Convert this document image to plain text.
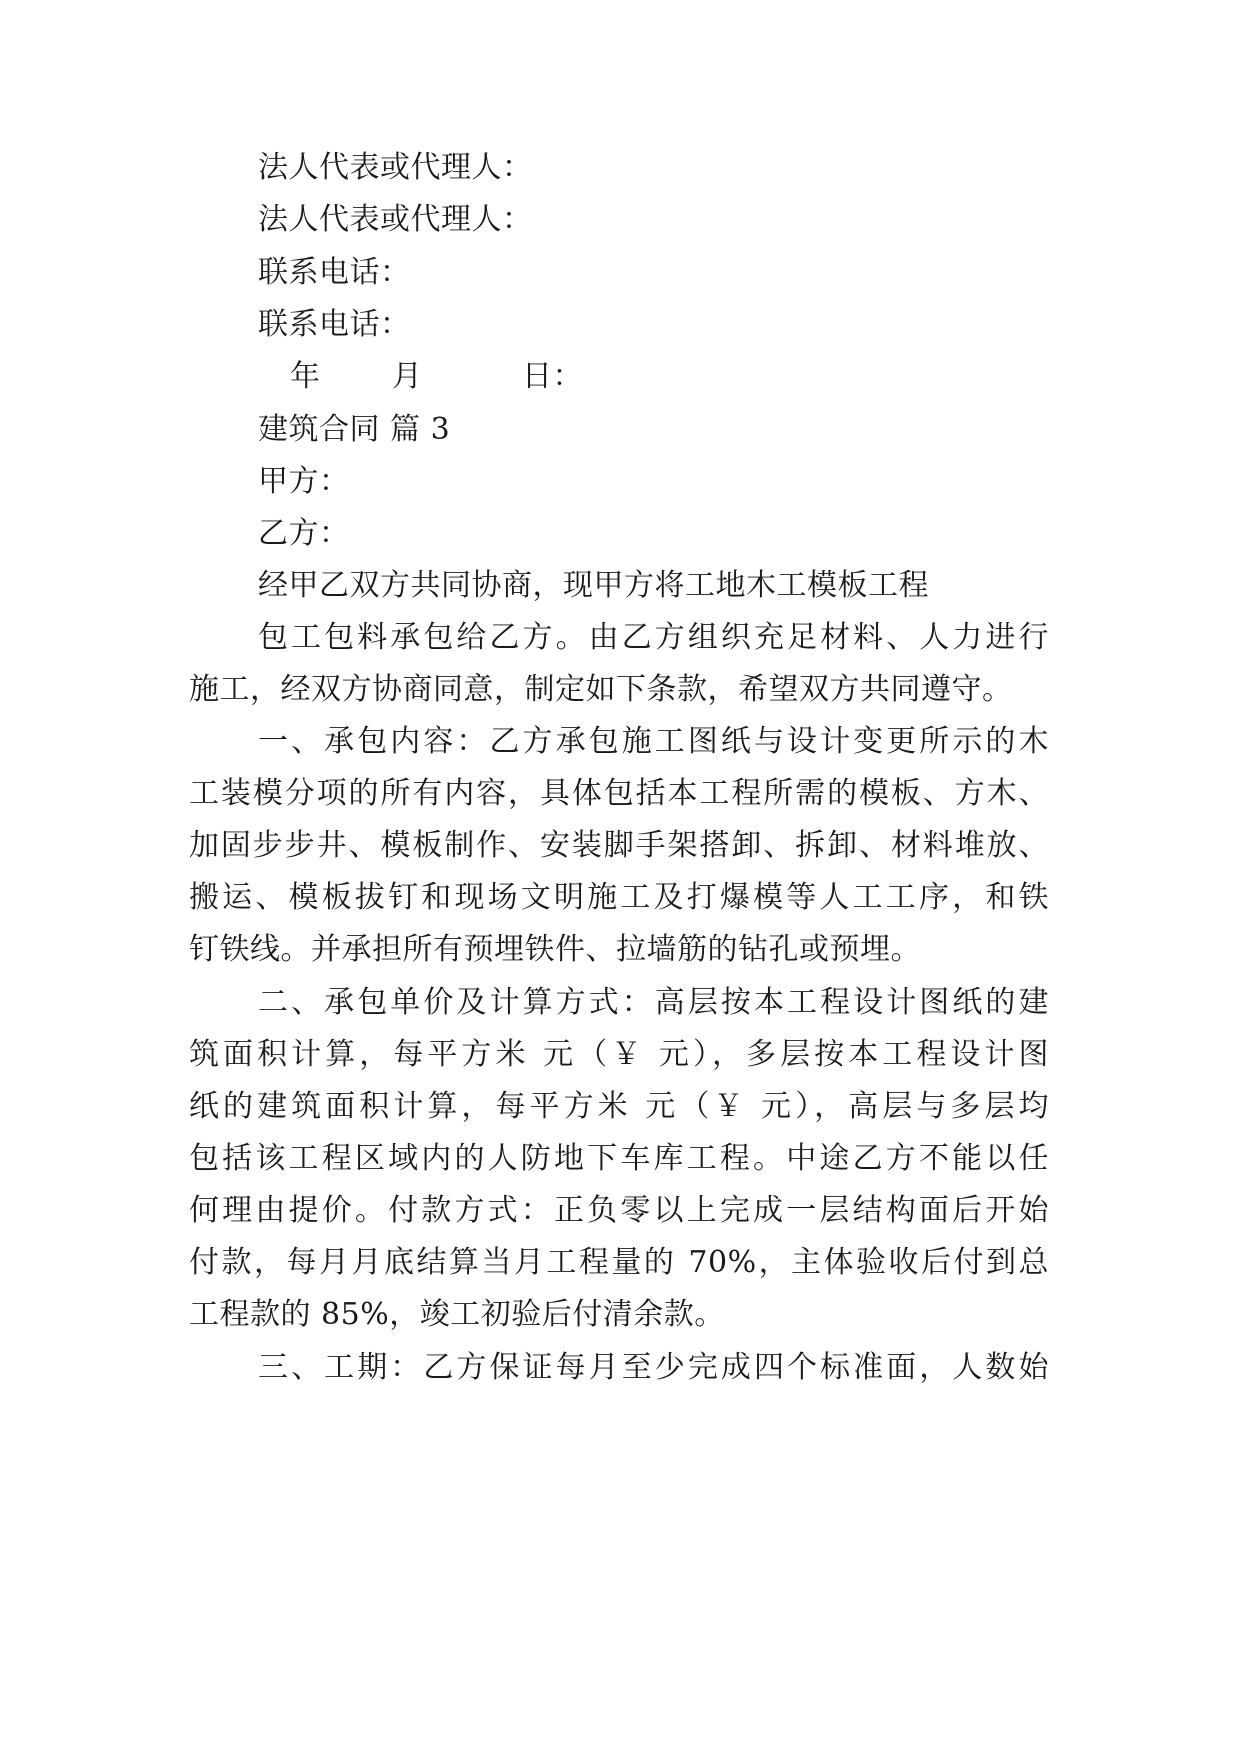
法人代表或代理人：
法人代表或代理人：
联系电话：
联系电话：
年 月	日：
建筑合同 篇 3
甲方：
乙方：
经甲乙双方共同协商，现甲方将工地木工模板工程
包工包料承包给乙方。由乙方组织充足材料、人力进行
施工，经双方协商同意，制定如下条款，希望双方共同遵守。
一、承包内容：乙方承包施工图纸与设计变更所示的木
工装模分项的所有内容，具体包括本工程所需的模板、方木、
加固步步井、模板制作、安装脚手架搭卸、拆卸、材料堆放、
搬运、模板拔钉和现场文明施工及打爆模等人工工序，和铁
钉铁线。并承担所有预埋铁件、拉墙筋的钻孔或预埋。
二、承包单价及计算方式：高层按本工程设计图纸的建
筑面积计算，每平方米 元（￥ 元），多层按本工程设计图
纸的建筑面积计算，每平方米 元（￥ 元），高层与多层均
包括该工程区域内的人防地下车库工程。中途乙方不能以任
何理由提价。付款方式：正负零以上完成一层结构面后开始
付款，每月月底结算当月工程量的 70%，主体验收后付到总
工程款的 85%，竣工初验后付清余款。
三、工期：乙方保证每月至少完成四个标准面，人数始
